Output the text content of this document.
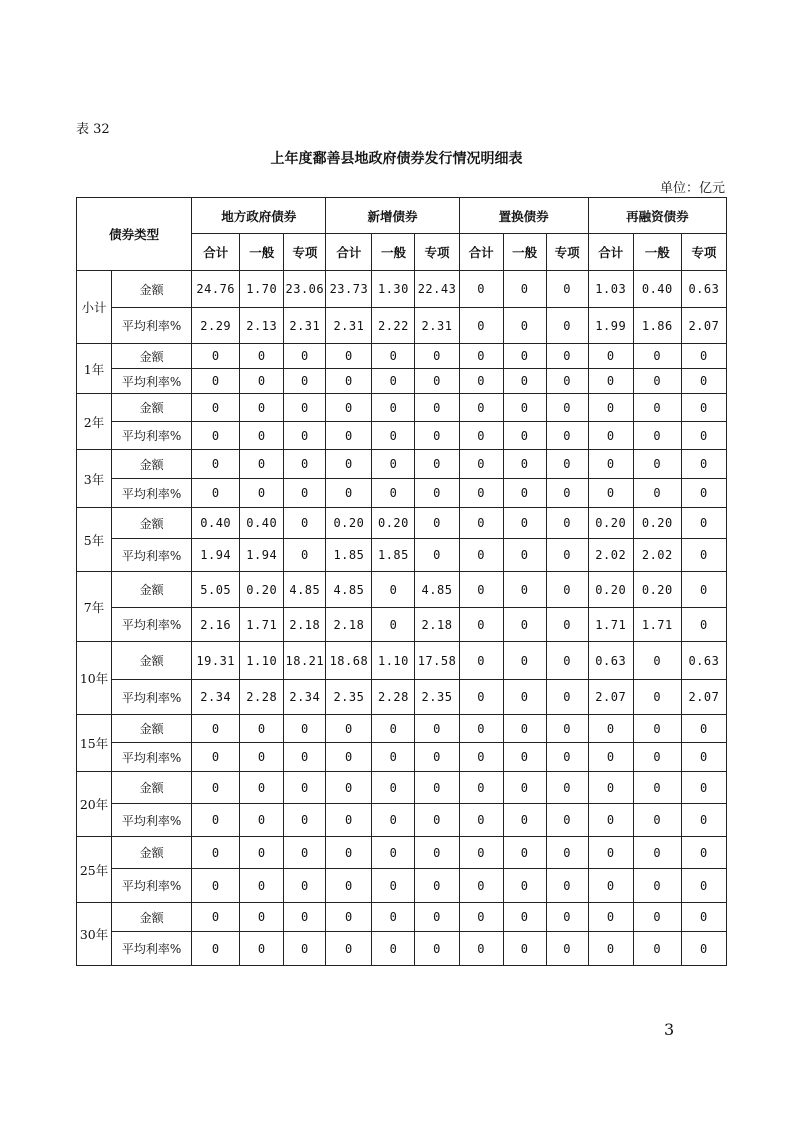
表 32
上年度鄱善县地政府债券发行情况明细表
单位：亿元
债券类型		地方政府债券			新增债券			置换债券			再融资债券		
		合计	一般	专项	合计	一般	专项	合计	一般	专项	合计	一般	专项
小计	金额	24.76	1.70	23.06	23.73	1.30	22.43	0	0	0	1.03	0.40	0.63
	平均利率%	2.29	2.13	2.31	2.31	2.22	2.31	0	0	0	1.99	1.86	2.07
1年	金额	0	0	0	0	0	0	0	0	0	0	0	0
	平均利率%	0	0	0	0	0	0	0	0	0	0	0	0
2年	金额	0	0	0	0	0	0	0	0	0	0	0	0
	平均利率%	0	0	0	0	0	0	0	0	0	0	0	0
3年	金额	0	0	0	0	0	0	0	0	0	0	0	0
	平均利率%	0	0	0	0	0	0	0	0	0	0	0	0
5年	金额	0.40	0.40	0	0.20	0.20	0	0	0	0	0.20	0.20	0
	平均利率%	1.94	1.94	0	1.85	1.85	0	0	0	0	2.02	2.02	0
7年	金额	5.05	0.20	4.85	4.85	0	4.85	0	0	0	0.20	0.20	0
	平均利率%	2.16	1.71	2.18	2.18	0	2.18	0	0	0	1.71	1.71	0
10年	金额	19.31	1.10	18.21	18.68	1.10	17.58	0	0	0	0.63	0	0.63
	平均利率%	2.34	2.28	2.34	2.35	2.28	2.35	0	0	0	2.07	0	2.07
15年	金额	0	0	0	0	0	0	0	0	0	0	0	0
	平均利率%	0	0	0	0	0	0	0	0	0	0	0	0
20年	金额	0	0	0	0	0	0	0	0	0	0	0	0
	平均利率%	0	0	0	0	0	0	0	0	0	0	0	0
25年	金额	0	0	0	0	0	0	0	0	0	0	0	0
	平均利率%	0	0	0	0	0	0	0	0	0	0	0	0
30年	金额	0	0	0	0	0	0	0	0	0	0	0	0
	平均利率%	0	0	0	0	0	0	0	0	0	0	0	0
3
